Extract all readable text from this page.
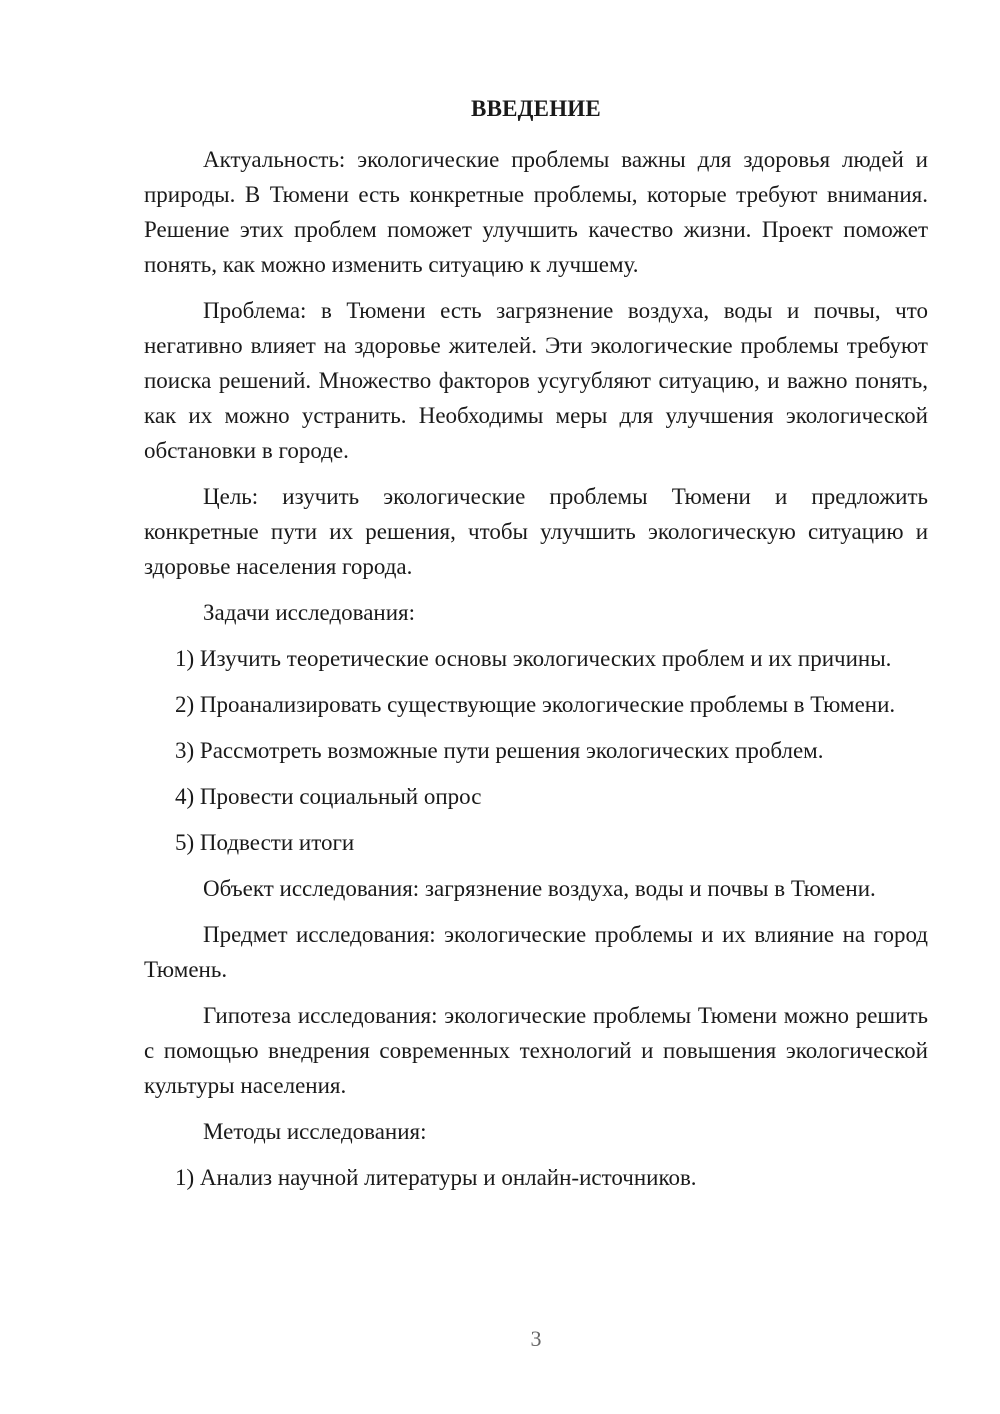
ВВЕДЕНИЕ

Актуальность: экологические проблемы важны для здоровья людей и природы. В Тюмени есть конкретные проблемы, которые требуют внимания. Решение этих проблем поможет улучшить качество жизни. Проект поможет понять, как можно изменить ситуацию к лучшему.

Проблема: в Тюмени есть загрязнение воздуха, воды и почвы, что негативно влияет на здоровье жителей. Эти экологические проблемы требуют поиска решений. Множество факторов усугубляют ситуацию, и важно понять, как их можно устранить. Необходимы меры для улучшения экологической обстановки в городе.

Цель: изучить экологические проблемы Тюмени и предложить конкретные пути их решения, чтобы улучшить экологическую ситуацию и здоровье населения города.

Задачи исследования:

1) Изучить теоретические основы экологических проблем и их причины.

2) Проанализировать существующие экологические проблемы в Тюмени.

3) Рассмотреть возможные пути решения экологических проблем.

4) Провести социальный опрос

5) Подвести итоги

Объект исследования: загрязнение воздуха, воды и почвы в Тюмени.

Предмет исследования: экологические проблемы и их влияние на город Тюмень.

Гипотеза исследования: экологические проблемы Тюмени можно решить с помощью внедрения современных технологий и повышения экологической культуры населения.

Методы исследования:

1) Анализ научной литературы и онлайн-источников.

3
